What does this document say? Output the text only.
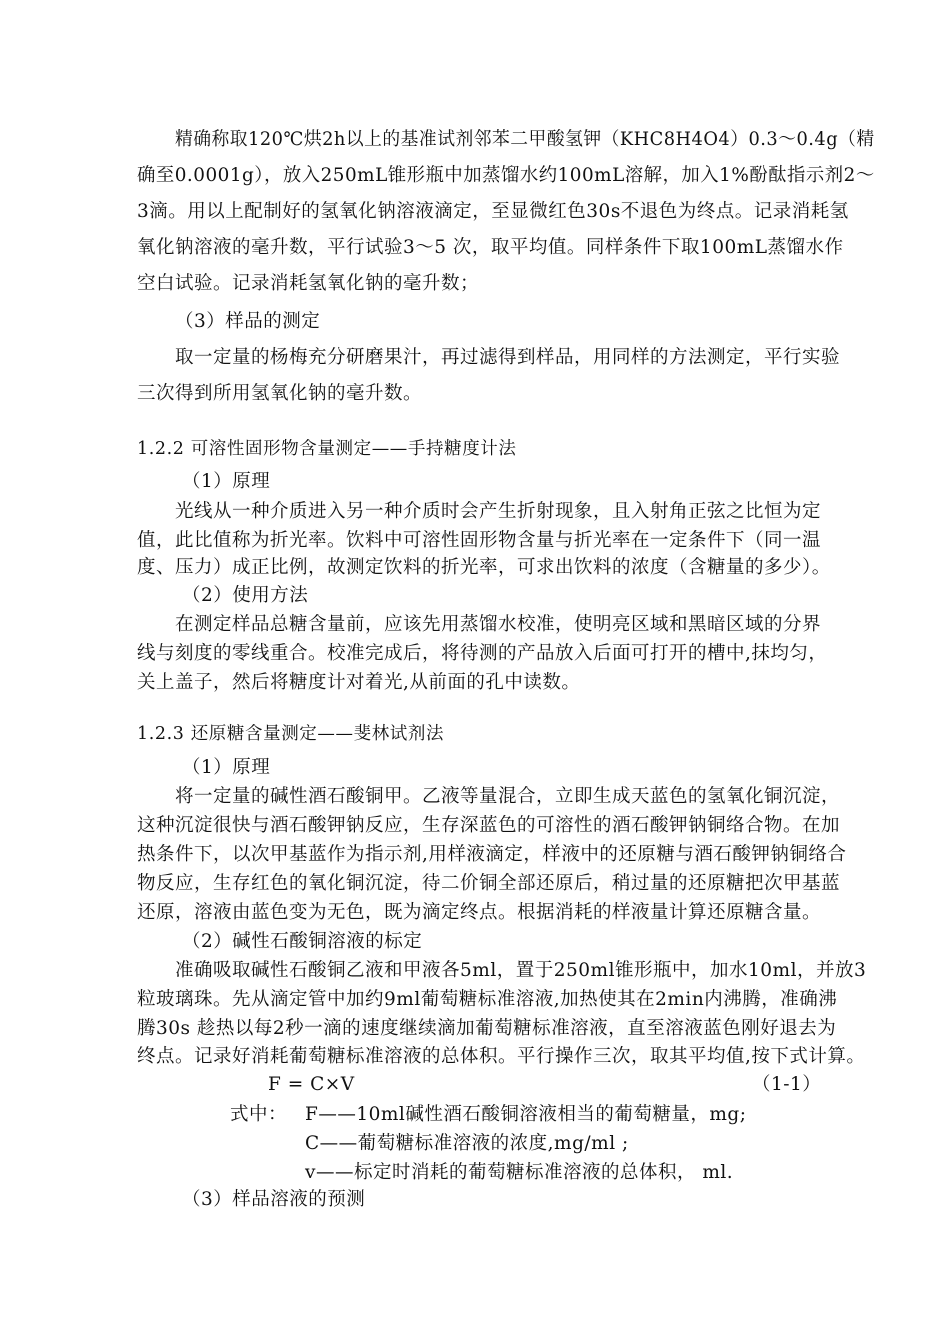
精确称取120℃烘2h以上的基准试剂邻苯二甲酸氢钾（KHC8H4O4）0.3～0.4g（精
确至0.0001g），放入250mL锥形瓶中加蒸馏水约100mL溶解，加入1%酚酞指示剂2～
3滴。用以上配制好的氢氧化钠溶液滴定，至显微红色30s不退色为终点。记录消耗氢
氧化钠溶液的毫升数，平行试验3～5 次，取平均值。同样条件下取100mL蒸馏水作
空白试验。记录消耗氢氧化钠的毫升数；
（3）样品的测定
取一定量的杨梅充分研磨果汁，再过滤得到样品，用同样的方法测定，平行实验
三次得到所用氢氧化钠的毫升数。
1.2.2 可溶性固形物含量测定——手持糖度计法
（1）原理
光线从一种介质进入另一种介质时会产生折射现象，且入射角正弦之比恒为定
值，此比值称为折光率。饮料中可溶性固形物含量与折光率在一定条件下（同一温
度、压力）成正比例，故测定饮料的折光率，可求出饮料的浓度（含糖量的多少）。
（2）使用方法
在测定样品总糖含量前，应该先用蒸馏水校准，使明亮区域和黑暗区域的分界
线与刻度的零线重合。校准完成后，将待测的产品放入后面可打开的槽中,抹均匀，
关上盖子，然后将糖度计对着光,从前面的孔中读数。
1.2.3 还原糖含量测定——斐林试剂法
（1）原理
将一定量的碱性酒石酸铜甲。乙液等量混合，立即生成天蓝色的氢氧化铜沉淀，
这种沉淀很快与酒石酸钾钠反应，生存深蓝色的可溶性的酒石酸钾钠铜络合物。在加
热条件下，以次甲基蓝作为指示剂,用样液滴定，样液中的还原糖与酒石酸钾钠铜络合
物反应，生存红色的氧化铜沉淀，待二价铜全部还原后，稍过量的还原糖把次甲基蓝
还原，溶液由蓝色变为无色，既为滴定终点。根据消耗的样液量计算还原糖含量。
（2）碱性石酸铜溶液的标定
准确吸取碱性石酸铜乙液和甲液各5ml，置于250ml锥形瓶中，加水10ml，并放3
粒玻璃珠。先从滴定管中加约9ml葡萄糖标准溶液,加热使其在2min内沸腾，准确沸
腾30s 趁热以每2秒一滴的速度继续滴加葡萄糖标准溶液，直至溶液蓝色刚好退去为
终点。记录好消耗葡萄糖标准溶液的总体积。平行操作三次，取其平均值,按下式计算。
F = C×V	（1-1）
式中： F——10ml碱性酒石酸铜溶液相当的葡萄糖量，mg;
C——葡萄糖标准溶液的浓度,mg/ml ;
v——标定时消耗的葡萄糖标准溶液的总体积， ml.
（3）样品溶液的预测
